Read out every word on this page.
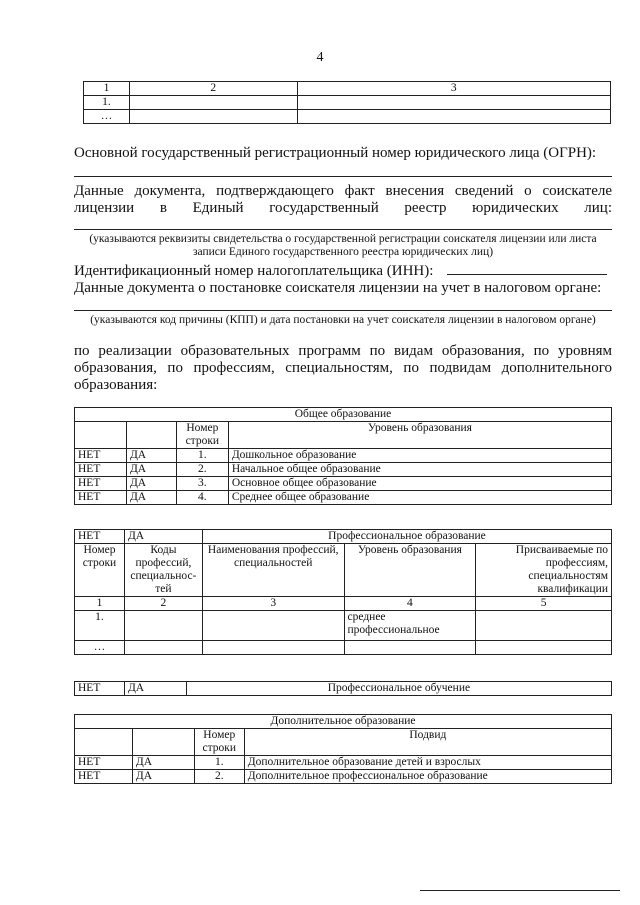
4
1	2	3
1.		
…		
Основной государственный регистрационный номер юридического лица (ОГРН):
Данные документа, подтверждающего факт внесения сведений о соискателе лицензии в Единый государственный реестр юридических лиц:
(указываются реквизиты свидетельства о государственной регистрации соискателя лицензии или листа записи Единого государственного реестра юридических лиц)
Идентификационный номер налогоплательщика (ИНН):
Данные документа о постановке соискателя лицензии на учет в налоговом органе:
(указываются код причины (КПП) и дата постановки на учет соискателя лицензии в налоговом органе)
по реализации образовательных программ по видам образования, по уровням образования, по профессиям, специальностям, по подвидам дополнительного образования:
Общее образование			
		Номер строки	Уровень образования
НЕТ	ДА	1.	Дошкольное образование
НЕТ	ДА	2.	Начальное общее образование
НЕТ	ДА	3.	Основное общее образование
НЕТ	ДА	4.	Среднее общее образование
НЕТ	ДА	Профессиональное образование		
Номер строки	Коды профессий, специальнос-тей	Наименования профессий, специальностей	Уровень образования	Присваиваемые по профессиям, специальностям квалификации
1	2	3	4	5
1.			среднее профессиональное	
…				
НЕТ	ДА	Профессиональное обучение
Дополнительное образование			
		Номер строки	Подвид
НЕТ	ДА	1.	Дополнительное образование детей и взрослых
НЕТ	ДА	2.	Дополнительное профессиональное образование
